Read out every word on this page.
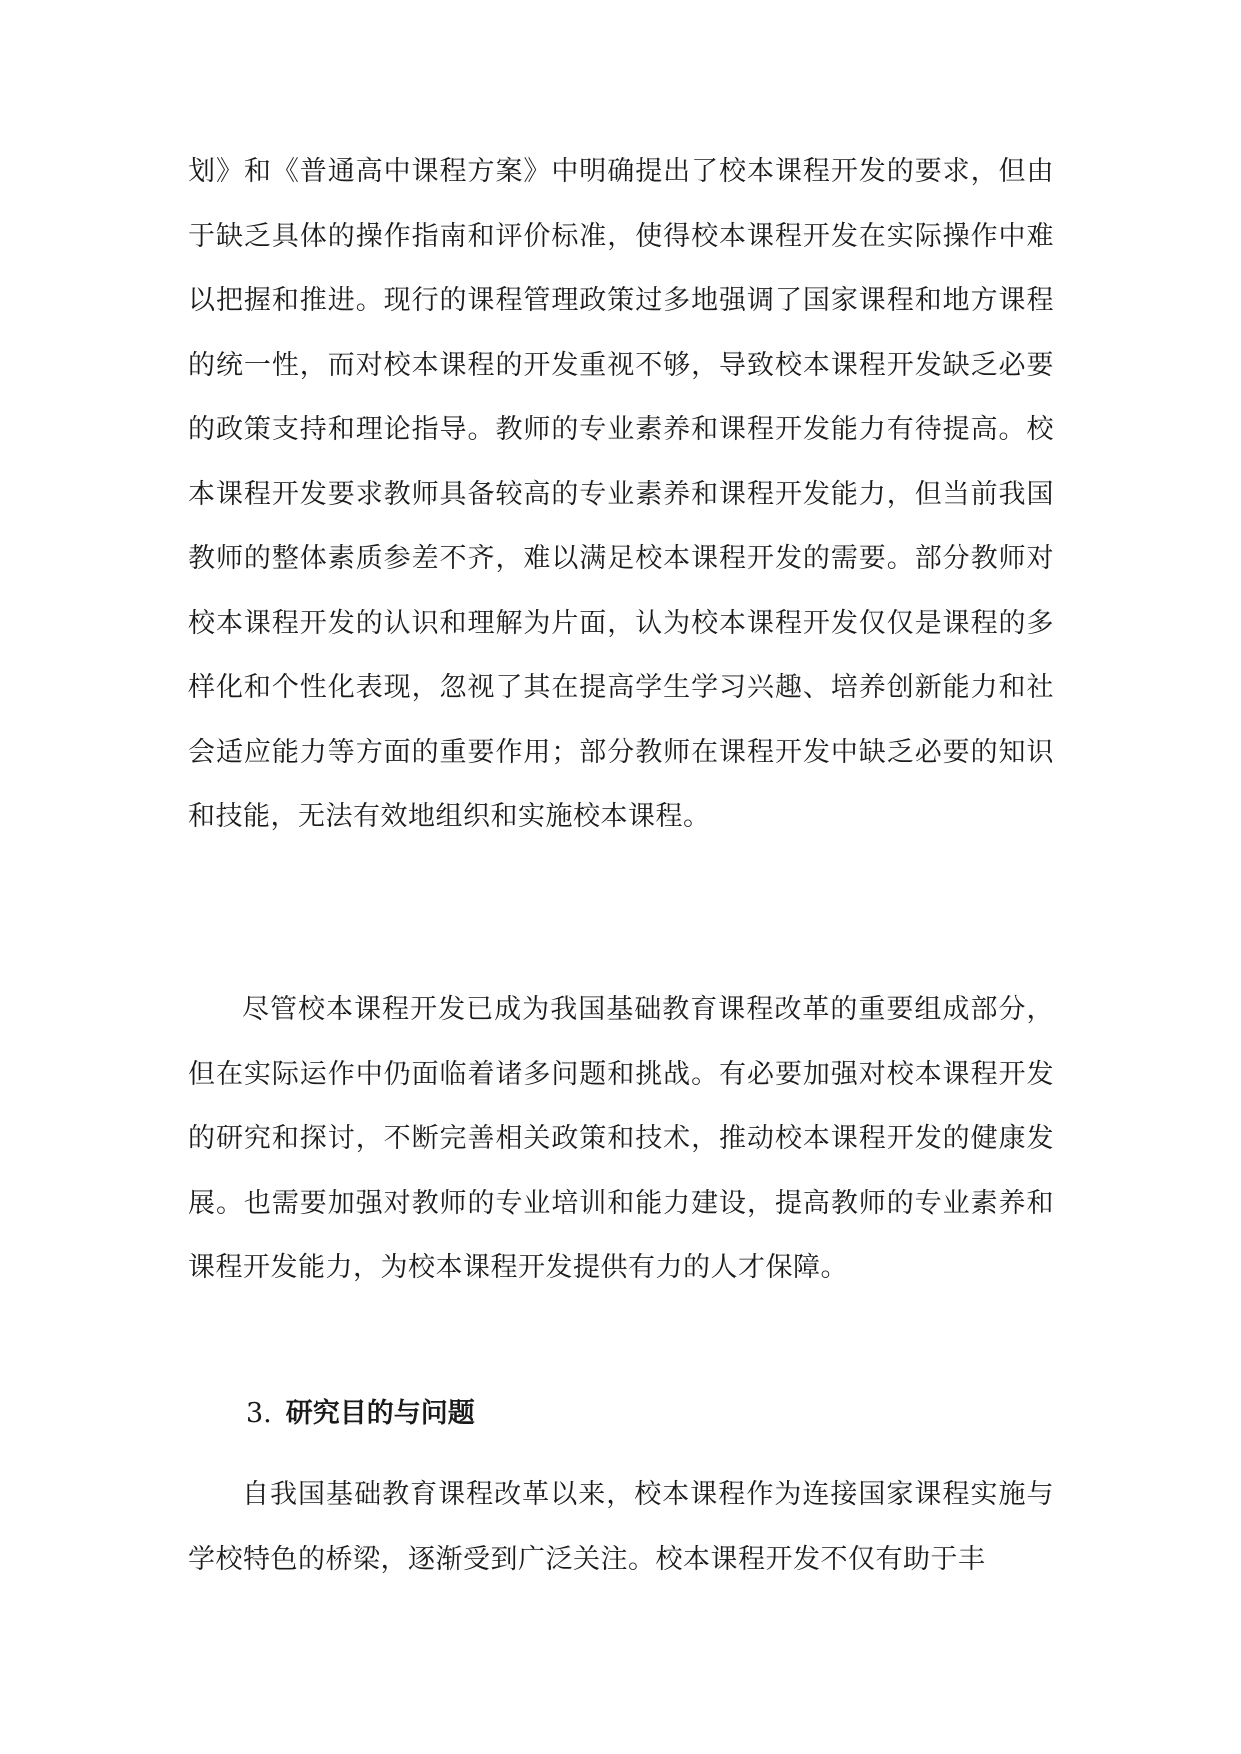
划》和《普通高中课程方案》中明确提出了校本课程开发的要求，但由于缺乏具体的操作指南和评价标准，使得校本课程开发在实际操作中难以把握和推进。现行的课程管理政策过多地强调了国家课程和地方课程的统一性，而对校本课程的开发重视不够，导致校本课程开发缺乏必要的政策支持和理论指导。教师的专业素养和课程开发能力有待提高。校本课程开发要求教师具备较高的专业素养和课程开发能力，但当前我国教师的整体素质参差不齐，难以满足校本课程开发的需要。部分教师对校本课程开发的认识和理解为片面，认为校本课程开发仅仅是课程的多样化和个性化表现，忽视了其在提高学生学习兴趣、培养创新能力和社会适应能力等方面的重要作用；部分教师在课程开发中缺乏必要的知识和技能，无法有效地组织和实施校本课程。

尽管校本课程开发已成为我国基础教育课程改革的重要组成部分，但在实际运作中仍面临着诸多问题和挑战。有必要加强对校本课程开发的研究和探讨，不断完善相关政策和技术，推动校本课程开发的健康发展。也需要加强对教师的专业培训和能力建设，提高教师的专业素养和课程开发能力，为校本课程开发提供有力的人才保障。

3. 研究目的与问题

自我国基础教育课程改革以来，校本课程作为连接国家课程实施与学校特色的桥梁，逐渐受到广泛关注。校本课程开发不仅有助于丰
